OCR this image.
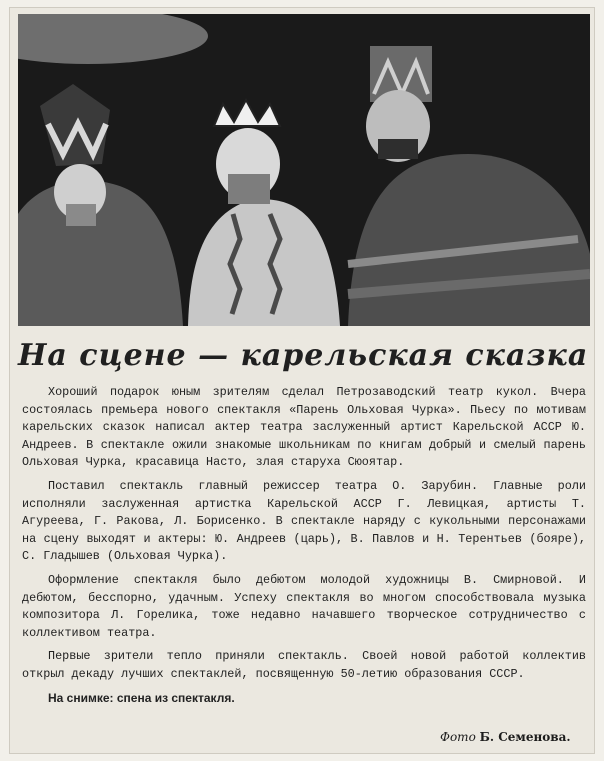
На сцене — карельская сказка

Хороший подарок юным зрителям сделал Петрозаводский театр кукол. Вчера состоялась премьера нового спектакля «Парень Ольховая Чурка». Пьесу по мотивам карельских сказок написал актер театра заслуженный артист Карельской АССР Ю. Андреев. В спектакле ожили знакомые школьникам по книгам добрый и смелый парень Ольховая Чурка, красавица Насто, злая старуха Сюоятар.

Поставил спектакль главный режиссер театра О. Зарубин. Главные роли исполняли заслуженная артистка Карельской АССР Г. Левицкая, артисты Т. Агуреева, Г. Ракова, Л. Борисенко. В спектакле наряду с кукольными персонажами на сцену выходят и актеры: Ю. Андреев (царь), В. Павлов и Н. Терентьев (бояре), С. Гладышев (Ольховая Чурка).

Оформление спектакля было дебютом молодой художницы В. Смирновой. И дебютом, бесспорно, удачным. Успеху спектакля во многом способствовала музыка композитора Л. Горелика, тоже недавно начавшего творческое сотрудничество с коллективом театра.

Первые зрители тепло приняли спектакль. Своей новой работой коллектив открыл декаду лучших спектаклей, посвященную 50-летию образования СССР.

На снимке: спена из спектакля.

Фото Б. Семенова.
